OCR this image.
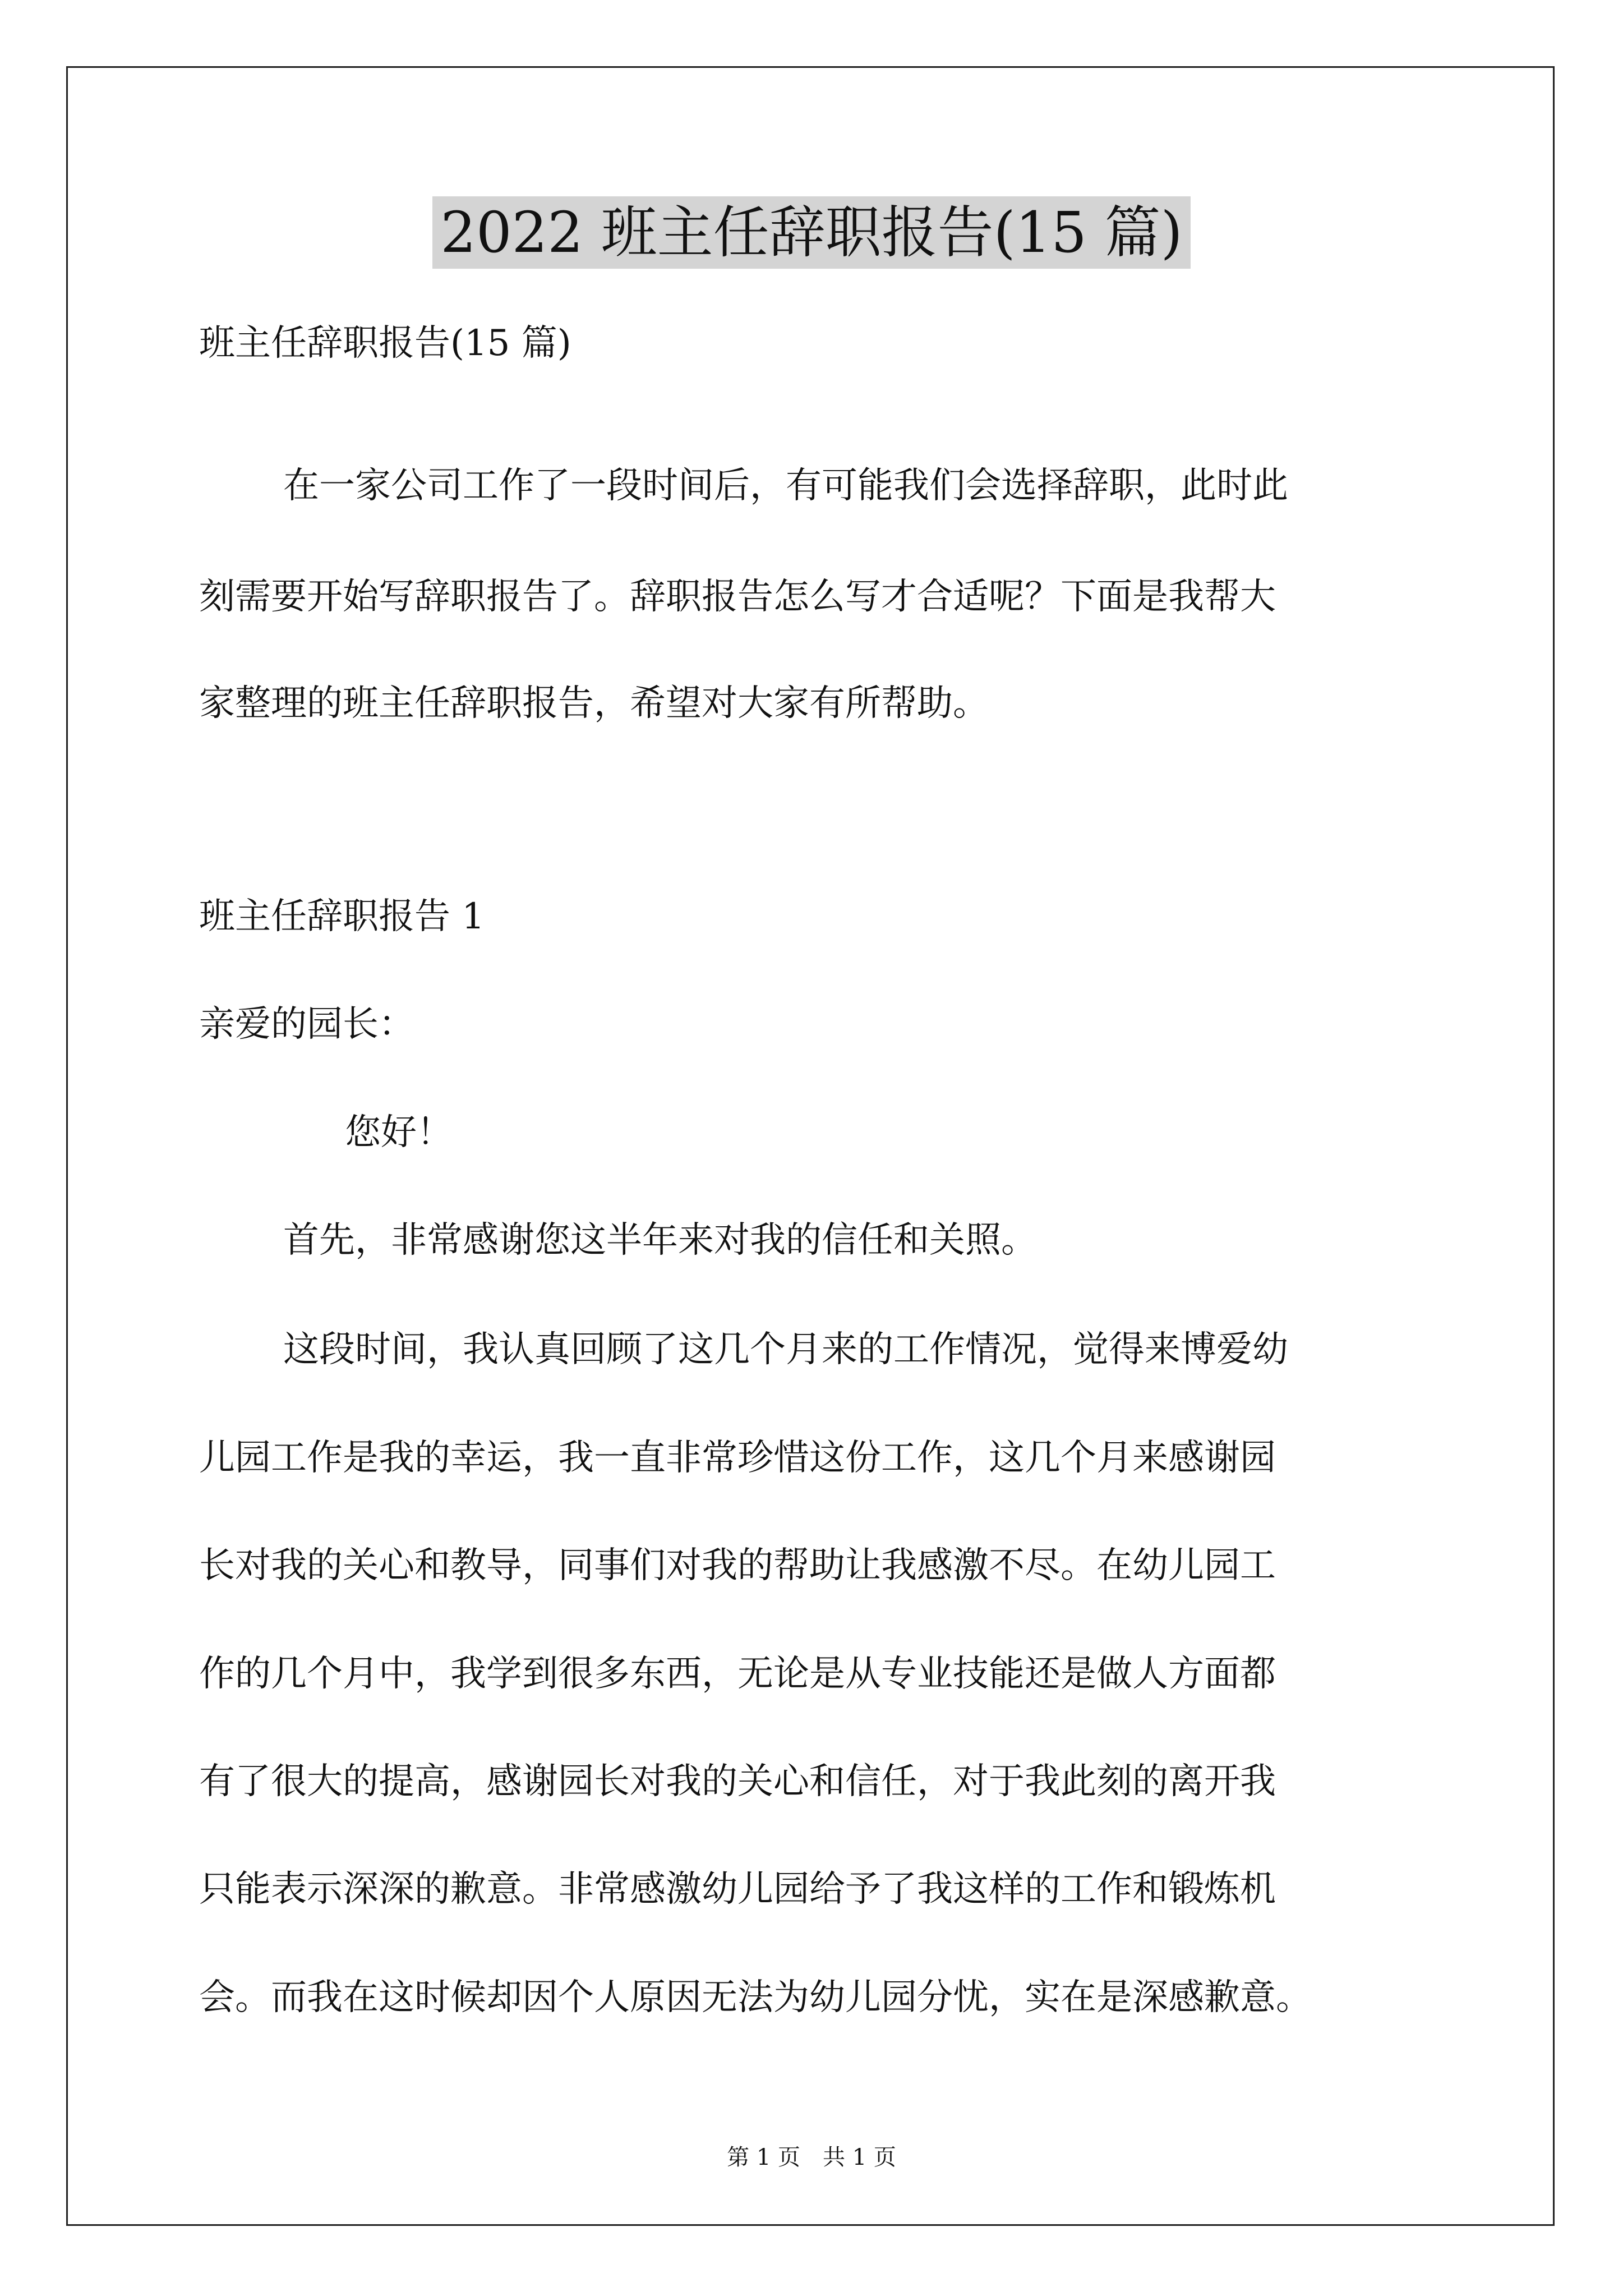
2022 班主任辞职报告(15 篇)

班主任辞职报告(15 篇)

在一家公司工作了一段时间后，有可能我们会选择辞职，此时此

刻需要开始写辞职报告了。辞职报告怎么写才合适呢？下面是我帮大

家整理的班主任辞职报告，希望对大家有所帮助。

班主任辞职报告 1

亲爱的园长：

您好！

首先，非常感谢您这半年来对我的信任和关照。

这段时间，我认真回顾了这几个月来的工作情况，觉得来博爱幼

儿园工作是我的幸运，我一直非常珍惜这份工作，这几个月来感谢园

长对我的关心和教导，同事们对我的帮助让我感激不尽。在幼儿园工

作的几个月中，我学到很多东西，无论是从专业技能还是做人方面都

有了很大的提高，感谢园长对我的关心和信任，对于我此刻的离开我

只能表示深深的歉意。非常感激幼儿园给予了我这样的工作和锻炼机

会。而我在这时候却因个人原因无法为幼儿园分忧，实在是深感歉意。

第 1 页　共 1 页
